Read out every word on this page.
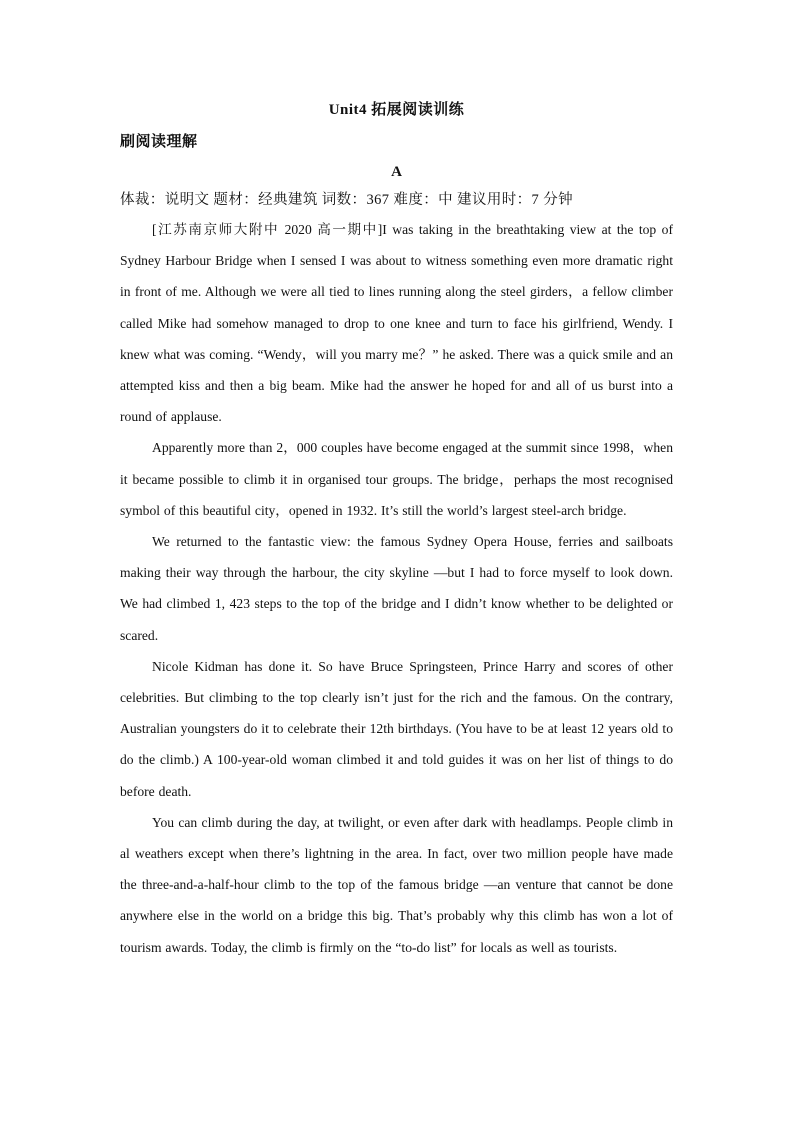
Unit4 拓展阅读训练
刷阅读理解
A
体裁：说明文 题材：经典建筑 词数：367 难度：中 建议用时：7 分钟

[江苏南京师大附中 2020 高一期中]I was taking in the breathtaking view at the top of Sydney Harbour Bridge when I sensed I was about to witness something even more dramatic right in front of me. Although we were all tied to lines running along the steel girders，a fellow climber called Mike had somehow managed to drop to one knee and turn to face his girlfriend, Wendy. I knew what was coming. “Wendy，will you marry me？” he asked. There was a quick smile and an attempted kiss and then a big beam. Mike had the answer he hoped for and all of us burst into a round of applause.

Apparently more than 2，000 couples have become engaged at the summit since 1998，when it became possible to climb it in organised tour groups. The bridge，perhaps the most recognised symbol of this beautiful city，opened in 1932. It’s still the world’s largest steel-arch bridge.

We returned to the fantastic view: the famous Sydney Opera House, ferries and sailboats making their way through the harbour, the city skyline —but I had to force myself to look down. We had climbed 1, 423 steps to the top of the bridge and I didn’t know whether to be delighted or scared.

Nicole Kidman has done it. So have Bruce Springsteen, Prince Harry and scores of other celebrities. But climbing to the top clearly isn’t just for the rich and the famous. On the contrary, Australian youngsters do it to celebrate their 12th birthdays. (You have to be at least 12 years old to do the climb.) A 100-year-old woman climbed it and told guides it was on her list of things to do before death.

You can climb during the day, at twilight, or even after dark with headlamps. People climb in al weathers except when there’s lightning in the area. In fact, over two million people have made the three-and-a-half-hour climb to the top of the famous bridge —an venture that cannot be done anywhere else in the world on a bridge this big. That’s probably why this climb has won a lot of tourism awards. Today, the climb is firmly on the “to-do list” for locals as well as tourists.
